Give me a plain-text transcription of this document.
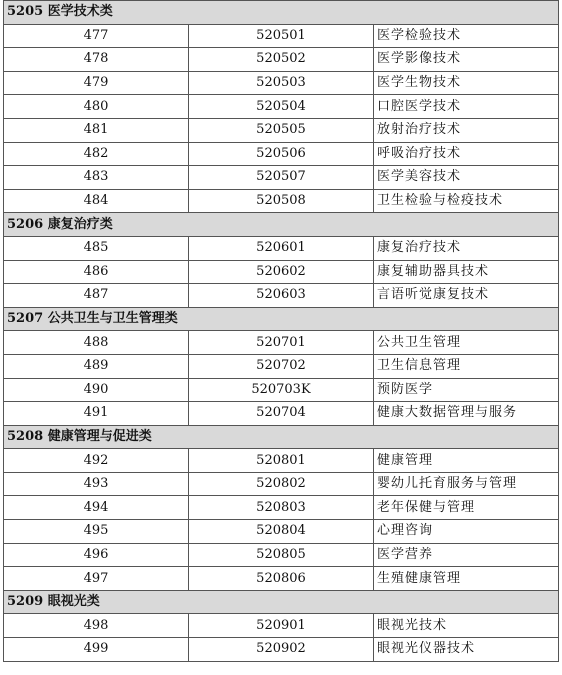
5205 医学技术类		
477	520501	医学检验技术
478	520502	医学影像技术
479	520503	医学生物技术
480	520504	口腔医学技术
481	520505	放射治疗技术
482	520506	呼吸治疗技术
483	520507	医学美容技术
484	520508	卫生检验与检疫技术
5206 康复治疗类		
485	520601	康复治疗技术
486	520602	康复辅助器具技术
487	520603	言语听觉康复技术
5207 公共卫生与卫生管理类		
488	520701	公共卫生管理
489	520702	卫生信息管理
490	520703K	预防医学
491	520704	健康大数据管理与服务
5208 健康管理与促进类		
492	520801	健康管理
493	520802	婴幼儿托育服务与管理
494	520803	老年保健与管理
495	520804	心理咨询
496	520805	医学营养
497	520806	生殖健康管理
5209 眼视光类		
498	520901	眼视光技术
499	520902	眼视光仪器技术
